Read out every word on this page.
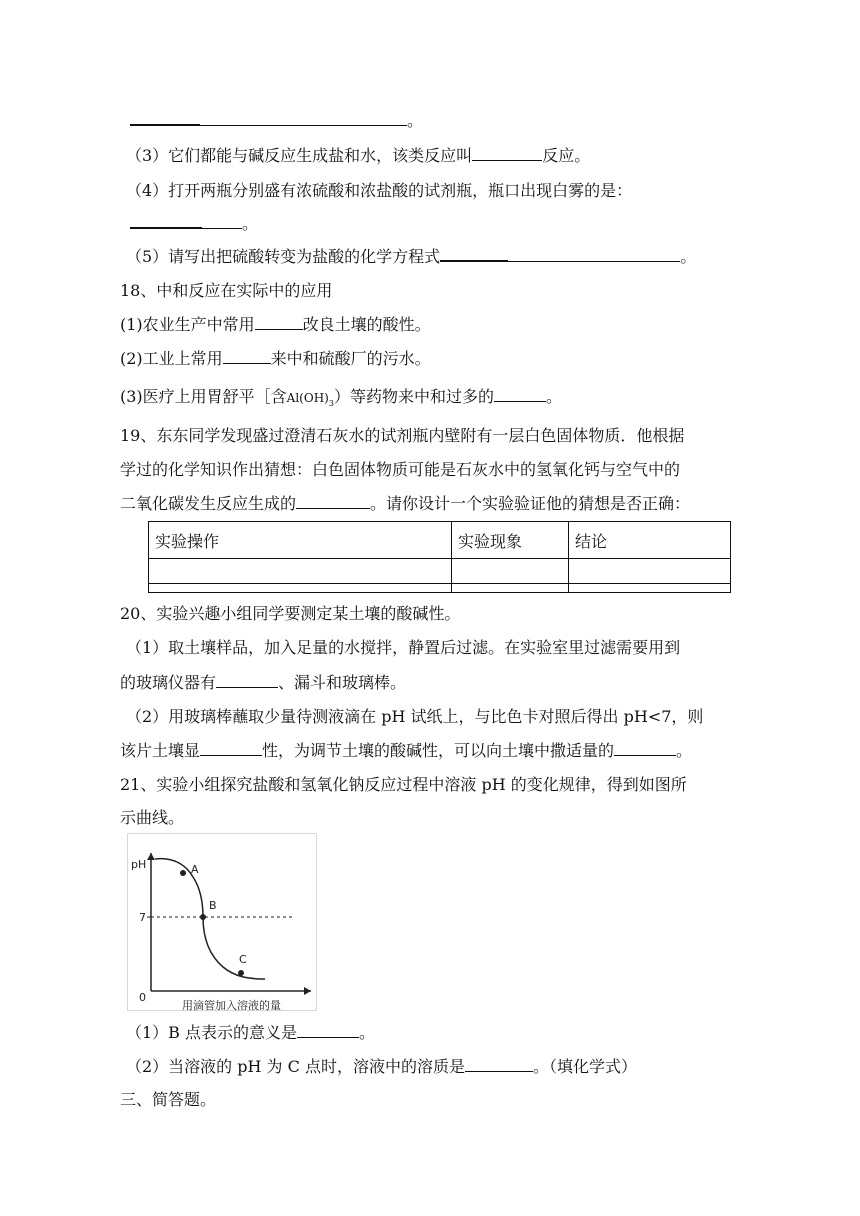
。
（3）它们都能与碱反应生成盐和水，该类反应叫	反应。
（4）打开两瓶分别盛有浓硫酸和浓盐酸的试剂瓶，瓶口出现白雾的是：
。
（5）请写出把硫酸转变为盐酸的化学方程式	。
18、中和反应在实际中的应用
(1)农业生产中常用	改良土壤的酸性。
(2)工业上常用	来中和硫酸厂的污水。
(3)医疗上用胃舒平［含$Al(OH)_3$）等药物来中和过多的	。
19、东东同学发现盛过澄清石灰水的试剂瓶内壁附有一层白色固体物质．他根据
学过的化学知识作出猜想：白色固体物质可能是石灰水中的氢氧化钙与空气中的
二氧化碳发生反应生成的	。请你设计一个实验验证他的猜想是否正确：
实验操作	实验现象	结论

20、实验兴趣小组同学要测定某土壤的酸碱性。
（1）取土壤样品，加入足量的水搅拌，静置后过滤。在实验室里过滤需要用到
的玻璃仪器有	、漏斗和玻璃棒。
（2）用玻璃棒蘸取少量待测液滴在 pH 试纸上，与比色卡对照后得出 pH<7，则
该片土壤显	性，为调节土壤的酸碱性，可以向土壤中撒适量的	。
21、实验小组探究盐酸和氢氧化钠反应过程中溶液 pH 的变化规律，得到如图所
示曲线。
pH
0
用滴管加入溶液的量
7
A
B
C
（1）B 点表示的意义是	。
（2）当溶液的 pH 为 C 点时，溶液中的溶质是	。（填化学式）
三、简答题。
